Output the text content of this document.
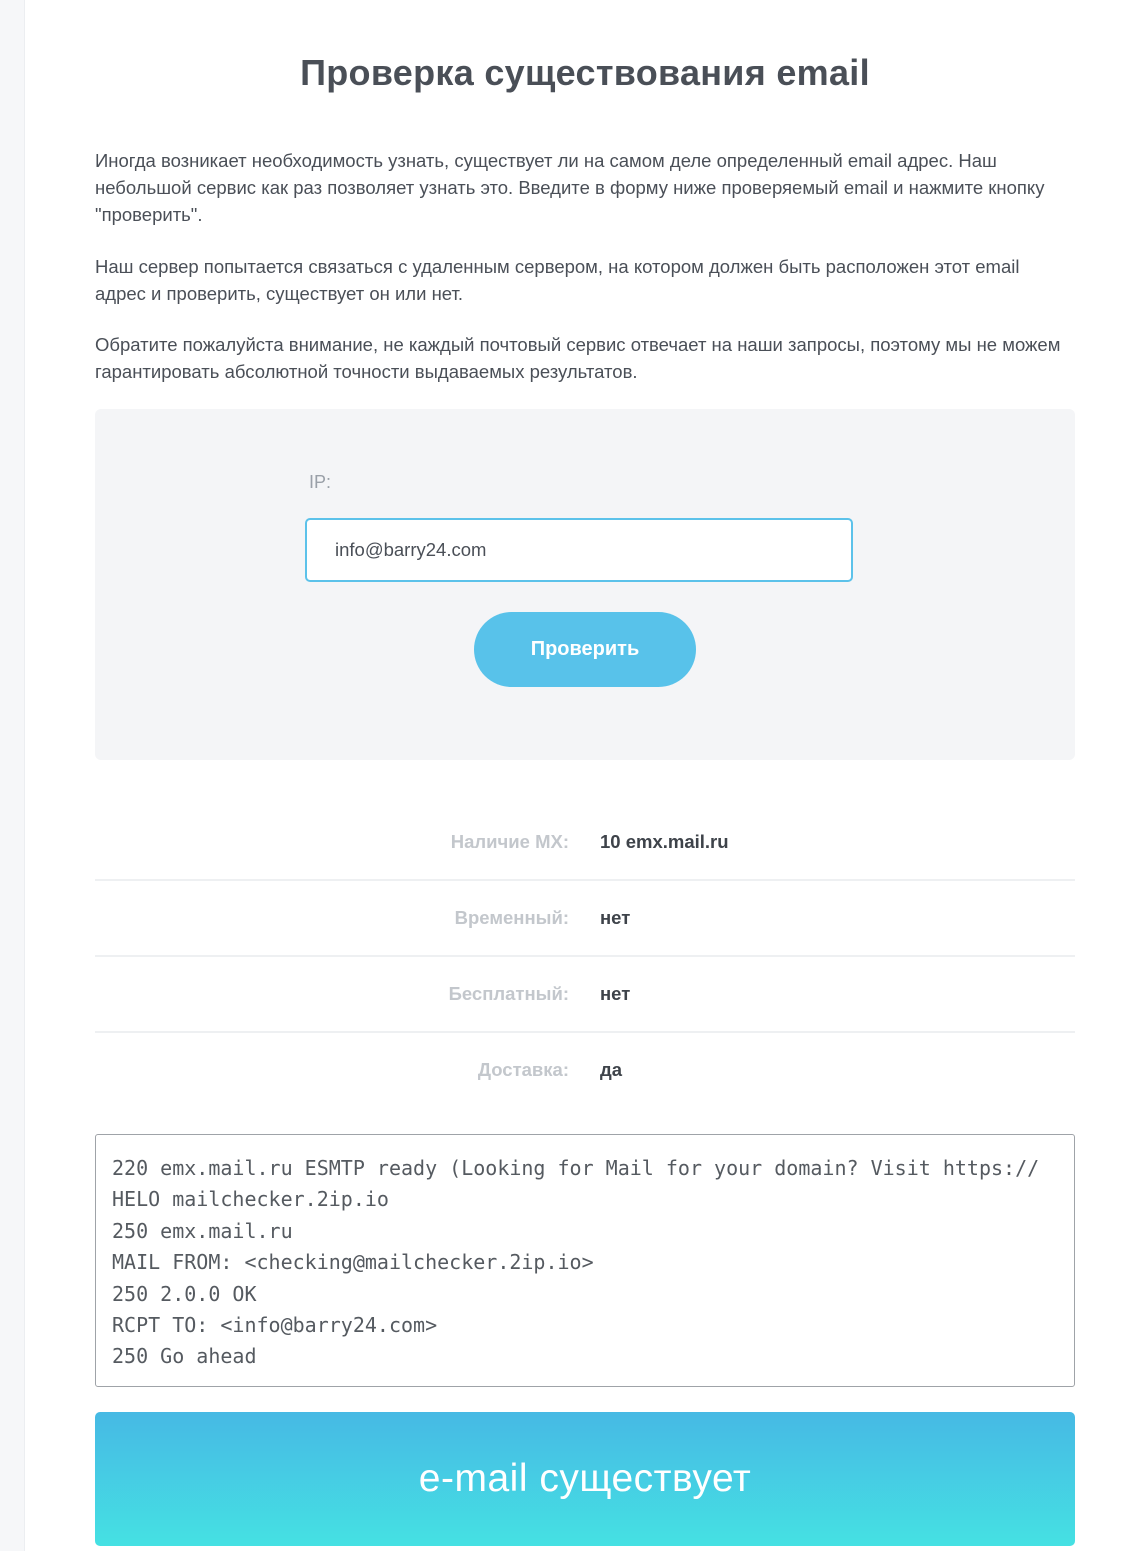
Проверка существования email

Иногда возникает необходимость узнать, существует ли на самом деле определенный email адрес. Наш небольшой сервис как раз позволяет узнать это. Введите в форму ниже проверяемый email и нажмите кнопку "проверить".

Наш сервер попытается связаться с удаленным сервером, на котором должен быть расположен этот email адрес и проверить, существует он или нет.

Обратите пожалуйста внимание, не каждый почтовый сервис отвечает на наши запросы, поэтому мы не можем гарантировать абсолютной точности выдаваемых результатов.

IP:
info@barry24.com
Проверить
Наличие MX: 10 emx.mail.ru
Временный: нет
Бесплатный: нет
Доставка: да
220 emx.mail.ru ESMTP ready (Looking for Mail for your domain? Visit https://
HELO mailchecker.2ip.io
250 emx.mail.ru
MAIL FROM: <checking@mailchecker.2ip.io>
250 2.0.0 OK
RCPT TO: <info@barry24.com>
250 Go ahead
e-mail существует
